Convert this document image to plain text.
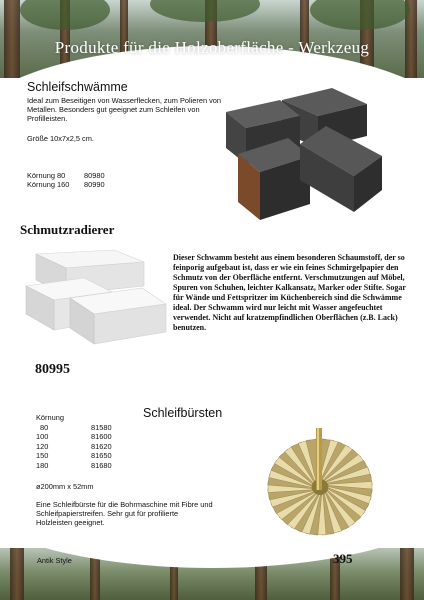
Produkte für die Holzoberfläche - Werkzeug
Schleifschwämme
Ideal zum Beseitigen von Wasserflecken, zum Polieren von Metallen. Besonders gut geeignet zum Schleifen von Profilleisten.
Größe 10x7x2,5 cm.
Körnung 80	80980
Körnung 160	80990
Schmutzradierer
Dieser Schwamm besteht aus einem besonderen Schaumstoff, der so feinporig aufgebaut ist, dass er wie ein feines Schmirgelpapier den Schmutz von der Oberfläche entfernt. Verschmutzungen auf Möbel, Spuren von Schuhen, leichter Kalkansatz, Marker oder Stifte. Sogar für Wände und Fettspritzer im Küchenbereich sind die Schwämme ideal. Der Schwamm wird nur leicht mit Wasser angefeuchtet verwendet. Nicht auf kratzempfindlichen Oberflächen (z.B. Lack) benutzen.
80995
Schleifbürsten
Körnung
80	81580
100	81600
120	81620
150	81650
180	81680
ø200mm x 52mm
Eine Schleifbürste für die Bohrmaschine mit Fibre und Schleifpapierstreifen. Sehr gut für profilierte Holzleisten geeignet.
Antik Style	395
